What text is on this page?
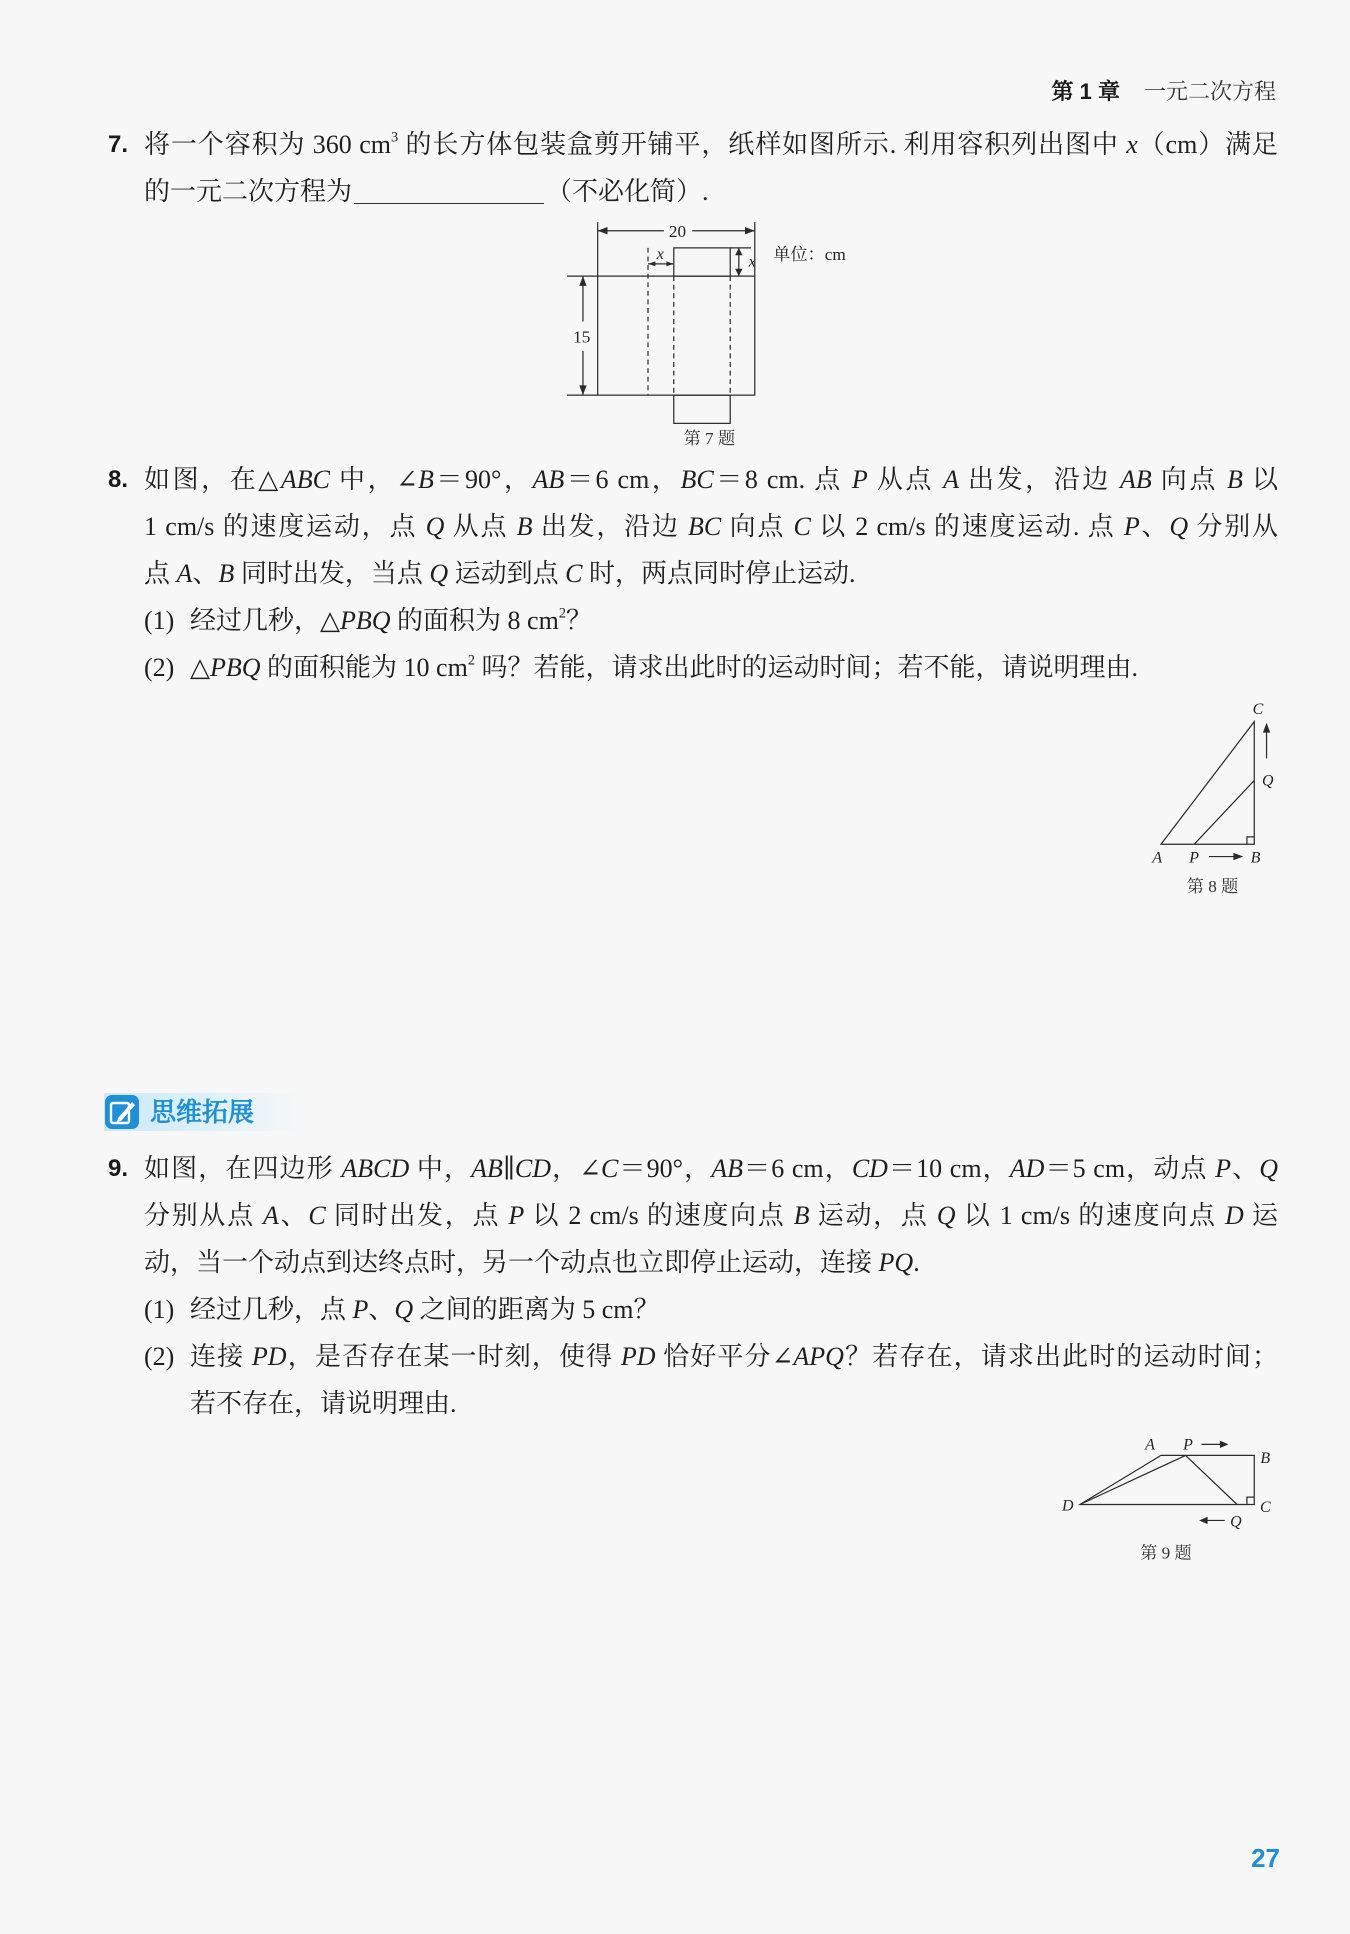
第 1 章 一元二次方程
7. 将一个容积为 360 $cm^3$ 的长方体包装盒剪开铺平，纸样如图所示. 利用容积列出图中 x（cm）满足
的一元二次方程为	（不必化简）.
8. 如图，在△ABC 中，∠B＝90°，AB＝6 cm，BC＝8 cm. 点 P 从点 A 出发，沿边 AB 向点 B 以
1 cm/s 的速度运动，点 Q 从点 B 出发，沿边 BC 向点 C 以 2 cm/s 的速度运动. 点 P、Q 分别从
点 A、B 同时出发，当点 Q 运动到点 C 时，两点同时停止运动.
(1) 经过几秒，△PBQ 的面积为 8 $cm^2$？
(2) △PBQ 的面积能为 10 $cm^2$ 吗？若能，请求出此时的运动时间；若不能，请说明理由.
思维拓展
9. 如图，在四边形 ABCD 中，AB∥CD，∠C＝90°，AB＝6 cm，CD＝10 cm，AD＝5 cm，动点 P、Q
分别从点 A、C 同时出发，点 P 以 2 cm/s 的速度向点 B 运动，点 Q 以 1 cm/s 的速度向点 D 运
动，当一个动点到达终点时，另一个动点也立即停止运动，连接 PQ.
(1) 经过几秒，点 P、Q 之间的距离为 5 cm？
(2) 连接 PD，是否存在某一时刻，使得 PD 恰好平分∠APQ？若存在，请求出此时的运动时间；
若不存在，请说明理由.
27
20
x	x
15
单位：cm
第 7 题
C
Q
A P	B
第 8 题
A P
B
D	C
Q
第 9 题
